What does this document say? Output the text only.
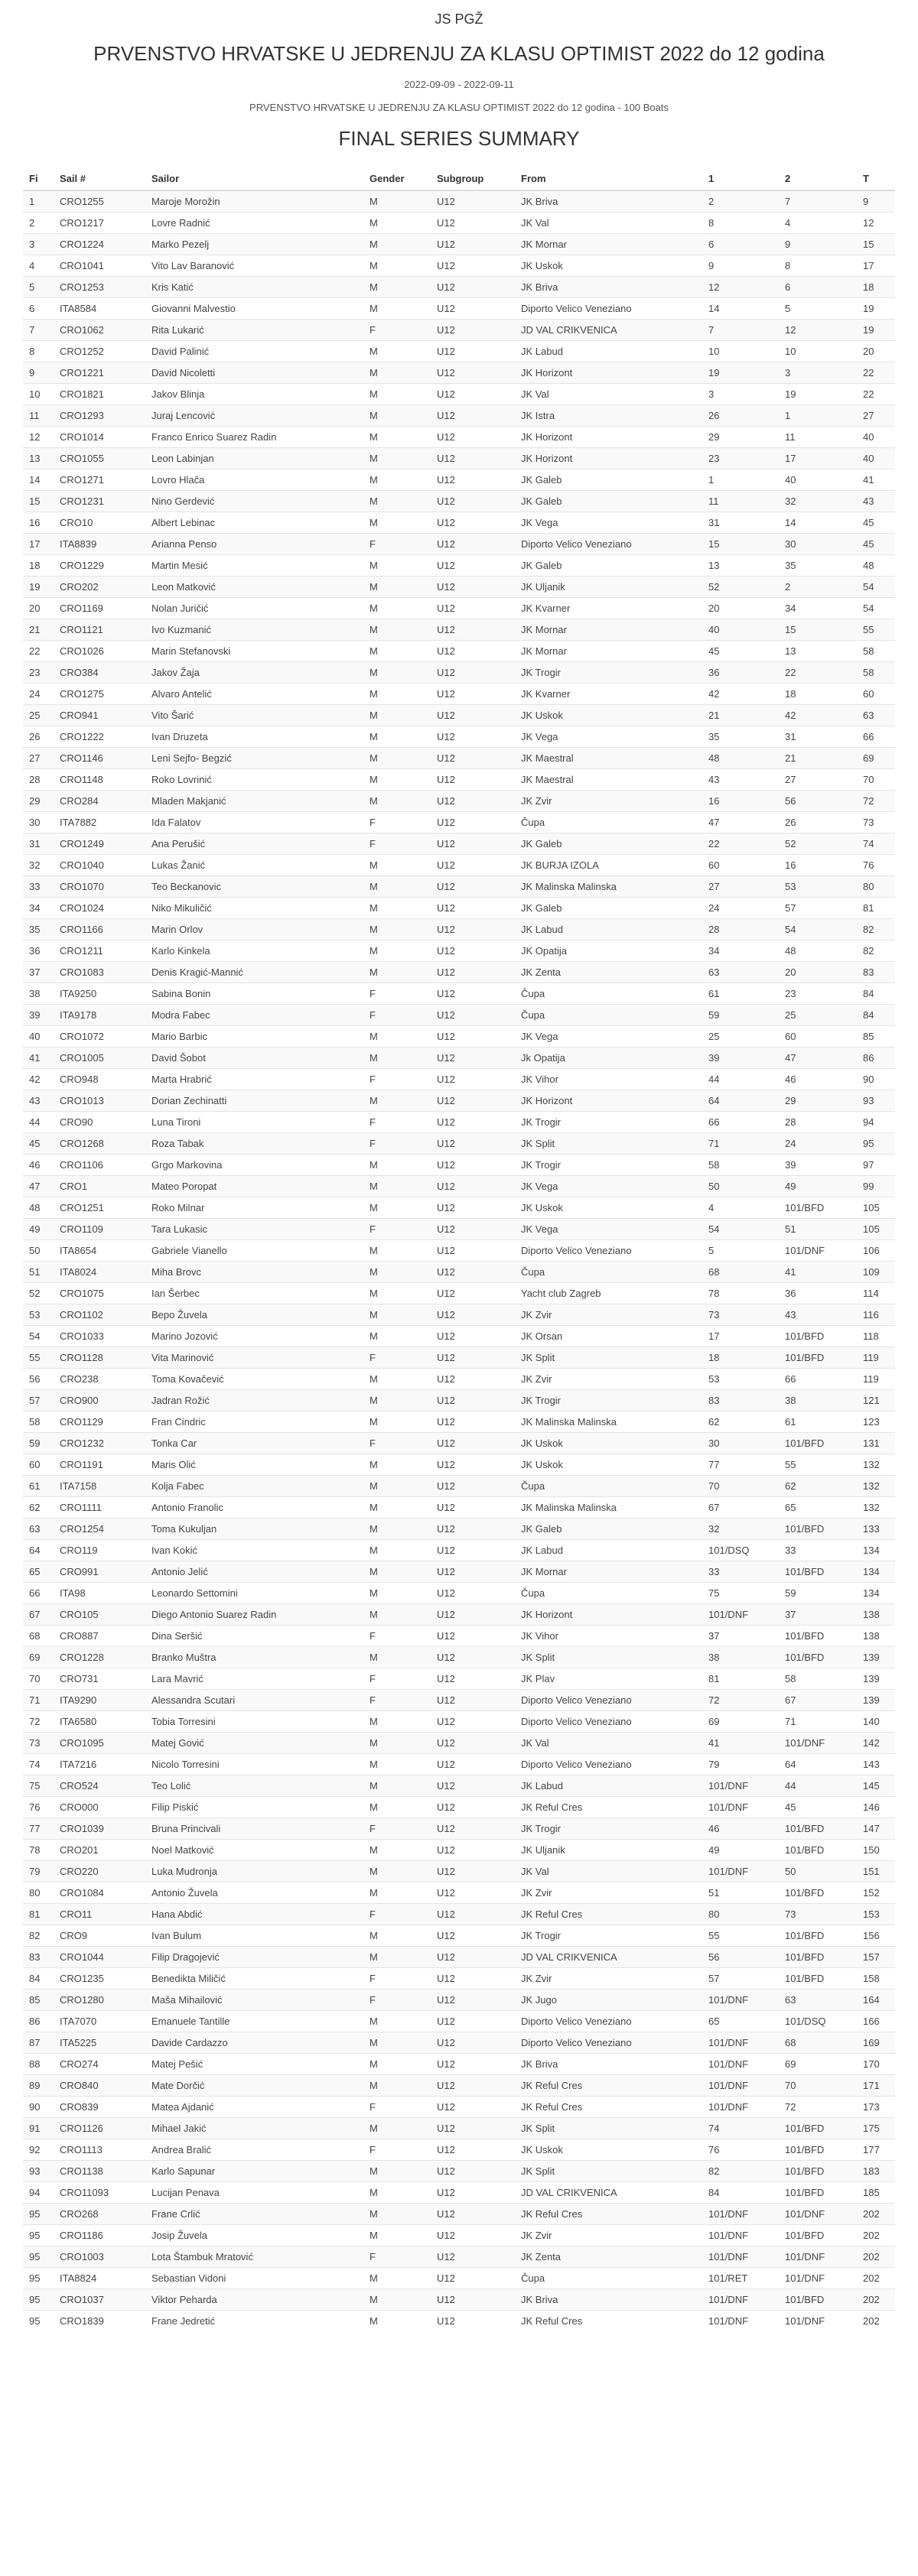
JS PGŽ
PRVENSTVO HRVATSKE U JEDRENJU ZA KLASU OPTIMIST 2022 do 12 godina
2022-09-09 - 2022-09-11
PRVENSTVO HRVATSKE U JEDRENJU ZA KLASU OPTIMIST 2022 do 12 godina - 100 Boats
FINAL SERIES SUMMARY
Fi	Sail #	Sailor	Gender	Subgroup	From	1	2	T
1	CRO1255	Maroje Morožin	M	U12	JK Briva	2	7	9
2	CRO1217	Lovre Radnić	M	U12	JK Val	8	4	12
3	CRO1224	Marko Pezelj	M	U12	JK Mornar	6	9	15
4	CRO1041	Vito Lav Baranović	M	U12	JK Uskok	9	8	17
5	CRO1253	Kris Katić	M	U12	JK Briva	12	6	18
6	ITA8584	Giovanni Malvestio	M	U12	Diporto Velico Veneziano	14	5	19
7	CRO1062	Rita Lukarić	F	U12	JD VAL CRIKVENICA	7	12	19
8	CRO1252	David Palinić	M	U12	JK Labud	10	10	20
9	CRO1221	David Nicoletti	M	U12	JK Horizont	19	3	22
10	CRO1821	Jakov Blinja	M	U12	JK Val	3	19	22
11	CRO1293	Juraj Lencović	M	U12	JK Istra	26	1	27
12	CRO1014	Franco Enrico Suarez Radin	M	U12	JK Horizont	29	11	40
13	CRO1055	Leon Labinjan	M	U12	JK Horizont	23	17	40
14	CRO1271	Lovro Hlača	M	U12	JK Galeb	1	40	41
15	CRO1231	Nino Gerdević	M	U12	JK Galeb	11	32	43
16	CRO10	Albert Lebinac	M	U12	JK Vega	31	14	45
17	ITA8839	Arianna Penso	F	U12	Diporto Velico Veneziano	15	30	45
18	CRO1229	Martin Mesić	M	U12	JK Galeb	13	35	48
19	CRO202	Leon Matković	M	U12	JK Uljanik	52	2	54
20	CRO1169	Nolan Juričić	M	U12	JK Kvarner	20	34	54
21	CRO1121	Ivo Kuzmanić	M	U12	JK Mornar	40	15	55
22	CRO1026	Marin Stefanovski	M	U12	JK Mornar	45	13	58
23	CRO384	Jakov Žaja	M	U12	JK Trogir	36	22	58
24	CRO1275	Alvaro Antelić	M	U12	JK Kvarner	42	18	60
25	CRO941	Vito Šarić	M	U12	JK Uskok	21	42	63
26	CRO1222	Ivan Druzeta	M	U12	JK Vega	35	31	66
27	CRO1146	Leni Sejfo- Begzić	M	U12	JK Maestral	48	21	69
28	CRO1148	Roko Lovrinić	M	U12	JK Maestral	43	27	70
29	CRO284	Mladen Makjanić	M	U12	JK Zvir	16	56	72
30	ITA7882	Ida Falatov	F	U12	Čupa	47	26	73
31	CRO1249	Ana Perušić	F	U12	JK Galeb	22	52	74
32	CRO1040	Lukas Žanić	M	U12	JK BURJA IZOLA	60	16	76
33	CRO1070	Teo Beckanovic	M	U12	JK Malinska Malinska	27	53	80
34	CRO1024	Niko Mikuličić	M	U12	JK Galeb	24	57	81
35	CRO1166	Marin Orlov	M	U12	JK Labud	28	54	82
36	CRO1211	Karlo Kinkela	M	U12	JK Opatija	34	48	82
37	CRO1083	Denis Kragić-Mannić	M	U12	JK Zenta	63	20	83
38	ITA9250	Sabina Bonin	F	U12	Čupa	61	23	84
39	ITA9178	Modra Fabec	F	U12	Čupa	59	25	84
40	CRO1072	Mario Barbic	M	U12	JK Vega	25	60	85
41	CRO1005	David Šobot	M	U12	Jk Opatija	39	47	86
42	CRO948	Marta Hrabrić	F	U12	JK Vihor	44	46	90
43	CRO1013	Dorian Zechinatti	M	U12	JK Horizont	64	29	93
44	CRO90	Luna Tironi	F	U12	JK Trogir	66	28	94
45	CRO1268	Roza Tabak	F	U12	JK Split	71	24	95
46	CRO1106	Grgo Markovina	M	U12	JK Trogir	58	39	97
47	CRO1	Mateo Poropat	M	U12	JK Vega	50	49	99
48	CRO1251	Roko Milnar	M	U12	JK Uskok	4	101/BFD	105
49	CRO1109	Tara Lukasic	F	U12	JK Vega	54	51	105
50	ITA8654	Gabriele Vianello	M	U12	Diporto Velico Veneziano	5	101/DNF	106
51	ITA8024	Miha Brovc	M	U12	Čupa	68	41	109
52	CRO1075	Ian Šerbec	M	U12	Yacht club Zagreb	78	36	114
53	CRO1102	Bepo Žuvela	M	U12	JK Zvir	73	43	116
54	CRO1033	Marino Jozović	M	U12	JK Orsan	17	101/BFD	118
55	CRO1128	Vita Marinović	F	U12	JK Split	18	101/BFD	119
56	CRO238	Toma Kovačević	M	U12	JK Zvir	53	66	119
57	CRO900	Jadran Rožić	M	U12	JK Trogir	83	38	121
58	CRO1129	Fran Cindric	M	U12	JK Malinska Malinska	62	61	123
59	CRO1232	Tonka Car	F	U12	JK Uskok	30	101/BFD	131
60	CRO1191	Maris Olić	M	U12	JK Uskok	77	55	132
61	ITA7158	Kolja Fabec	M	U12	Čupa	70	62	132
62	CRO1111	Antonio Franolic	M	U12	JK Malinska Malinska	67	65	132
63	CRO1254	Toma Kukuljan	M	U12	JK Galeb	32	101/BFD	133
64	CRO119	Ivan Kokić	M	U12	JK Labud	101/DSQ	33	134
65	CRO991	Antonio Jelić	M	U12	JK Mornar	33	101/BFD	134
66	ITA98	Leonardo Settomini	M	U12	Čupa	75	59	134
67	CRO105	Diego Antonio Suarez Radin	M	U12	JK Horizont	101/DNF	37	138
68	CRO887	Dina Seršić	F	U12	JK Vihor	37	101/BFD	138
69	CRO1228	Branko Muštra	M	U12	JK Split	38	101/BFD	139
70	CRO731	Lara Mavrić	F	U12	JK Plav	81	58	139
71	ITA9290	Alessandra Scutari	F	U12	Diporto Velico Veneziano	72	67	139
72	ITA6580	Tobia Torresini	M	U12	Diporto Velico Veneziano	69	71	140
73	CRO1095	Matej Gović	M	U12	JK Val	41	101/DNF	142
74	ITA7216	Nicolo Torresini	M	U12	Diporto Velico Veneziano	79	64	143
75	CRO524	Teo Lolić	M	U12	JK Labud	101/DNF	44	145
76	CRO000	Filip Piskić	M	U12	JK Reful Cres	101/DNF	45	146
77	CRO1039	Bruna Princivali	F	U12	JK Trogir	46	101/BFD	147
78	CRO201	Noel Matković	M	U12	JK Uljanik	49	101/BFD	150
79	CRO220	Luka Mudronja	M	U12	JK Val	101/DNF	50	151
80	CRO1084	Antonio Žuvela	M	U12	JK Zvir	51	101/BFD	152
81	CRO11	Hana Abdić	F	U12	JK Reful Cres	80	73	153
82	CRO9	Ivan Bulum	M	U12	JK Trogir	55	101/BFD	156
83	CRO1044	Filip Dragojević	M	U12	JD VAL CRIKVENICA	56	101/BFD	157
84	CRO1235	Benedikta Miličić	F	U12	JK Zvir	57	101/BFD	158
85	CRO1280	Maša Mihailović	F	U12	JK Jugo	101/DNF	63	164
86	ITA7070	Emanuele Tantille	M	U12	Diporto Velico Veneziano	65	101/DSQ	166
87	ITA5225	Davide Cardazzo	M	U12	Diporto Velico Veneziano	101/DNF	68	169
88	CRO274	Matej Pešić	M	U12	JK Briva	101/DNF	69	170
89	CRO840	Mate Dorčić	M	U12	JK Reful Cres	101/DNF	70	171
90	CRO839	Matea Ajdanić	F	U12	JK Reful Cres	101/DNF	72	173
91	CRO1126	Mihael Jakić	M	U12	JK Split	74	101/BFD	175
92	CRO1113	Andrea Bralić	F	U12	JK Uskok	76	101/BFD	177
93	CRO1138	Karlo Sapunar	M	U12	JK Split	82	101/BFD	183
94	CRO11093	Lucijan Penava	M	U12	JD VAL CRIKVENICA	84	101/BFD	185
95	CRO268	Frane Crlić	M	U12	JK Reful Cres	101/DNF	101/DNF	202
95	CRO1186	Josip Žuvela	M	U12	JK Zvir	101/DNF	101/BFD	202
95	CRO1003	Lota Štambuk Mratović	F	U12	JK Zenta	101/DNF	101/DNF	202
95	ITA8824	Sebastian Vidoni	M	U12	Čupa	101/RET	101/DNF	202
95	CRO1037	Viktor Peharda	M	U12	JK Briva	101/DNF	101/BFD	202
95	CRO1839	Frane Jedretić	M	U12	JK Reful Cres	101/DNF	101/DNF	202
